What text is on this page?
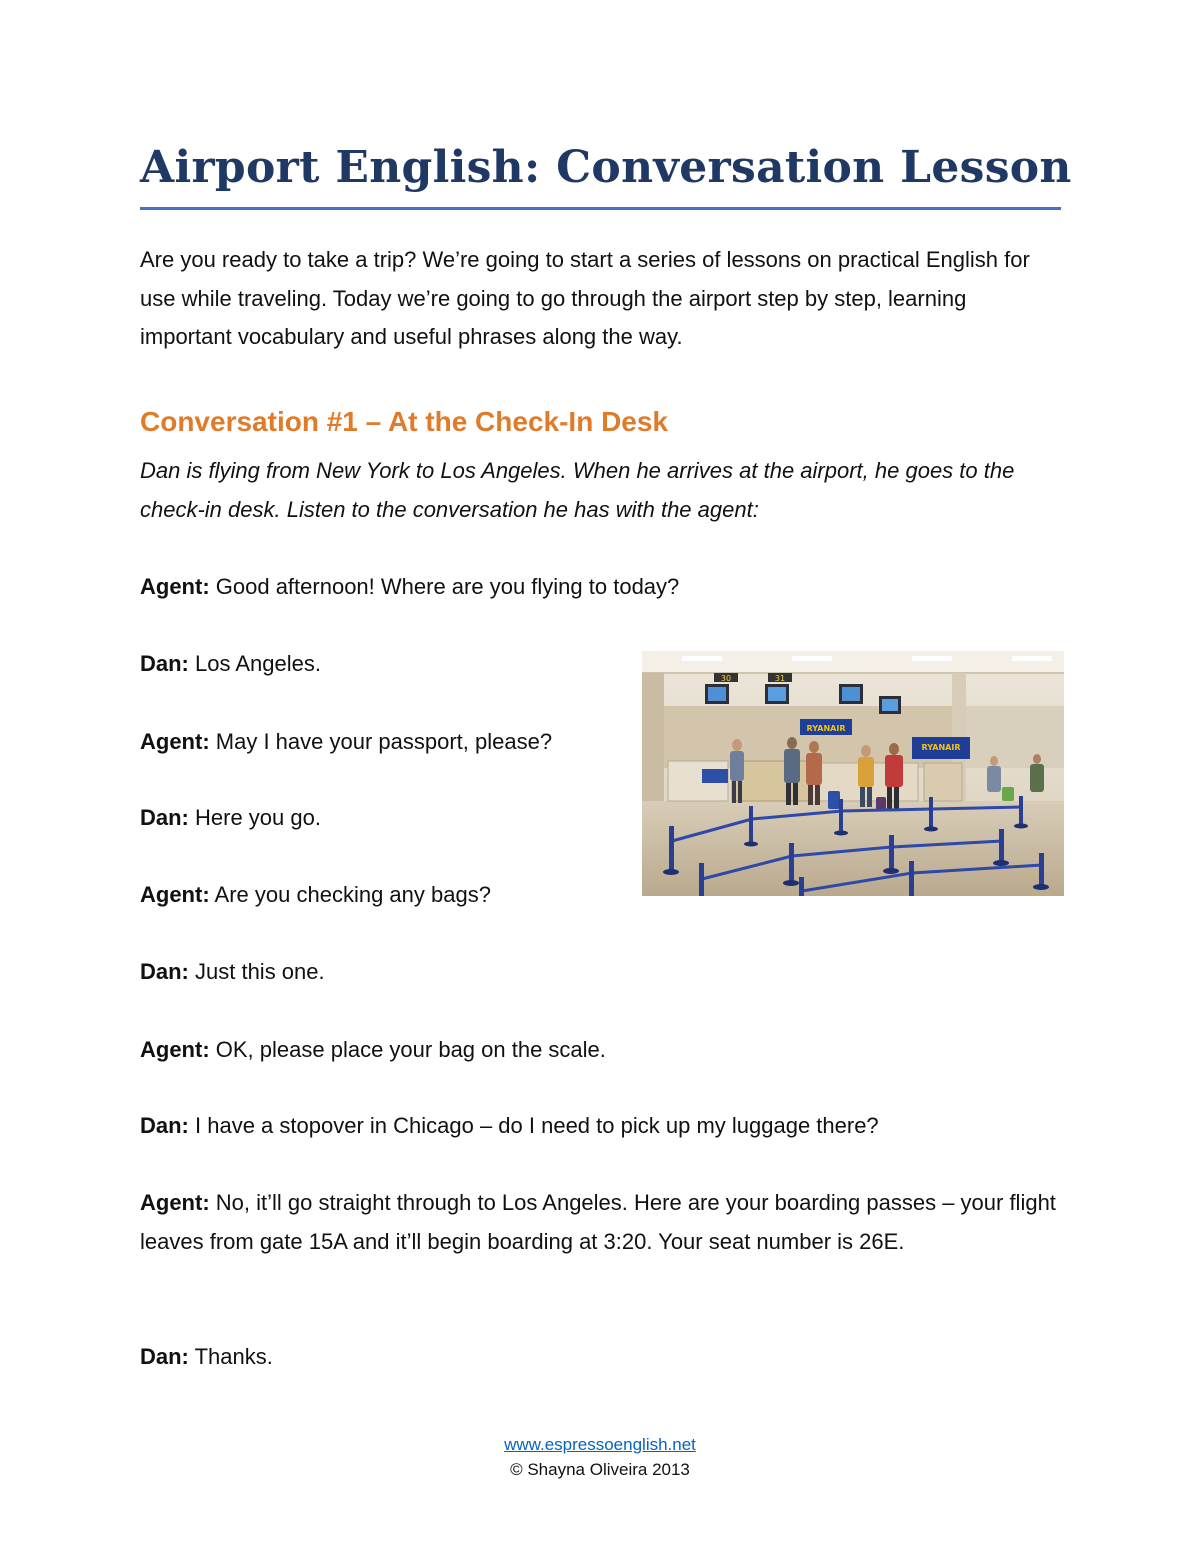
Airport English: Conversation Lesson

Are you ready to take a trip? We’re going to start a series of lessons on practical English for use while traveling. Today we’re going to go through the airport step by step, learning important vocabulary and useful phrases along the way.

Conversation #1 – At the Check-In Desk

Dan is flying from New York to Los Angeles. When he arrives at the airport, he goes to the check-in desk. Listen to the conversation he has with the agent:

Agent: Good afternoon! Where are you flying to today?

Dan: Los Angeles.

Agent: May I have your passport, please?

Dan: Here you go.

Agent: Are you checking any bags?

Dan: Just this one.

Agent: OK, please place your bag on the scale.

Dan: I have a stopover in Chicago – do I need to pick up my luggage there?

Agent: No, it’ll go straight through to Los Angeles. Here are your boarding passes – your flight leaves from gate 15A and it’ll begin boarding at 3:20. Your seat number is 26E.

Dan: Thanks.

30	31
RYANAIR
RYANAIR
www.espressoenglish.net
© Shayna Oliveira 2013
